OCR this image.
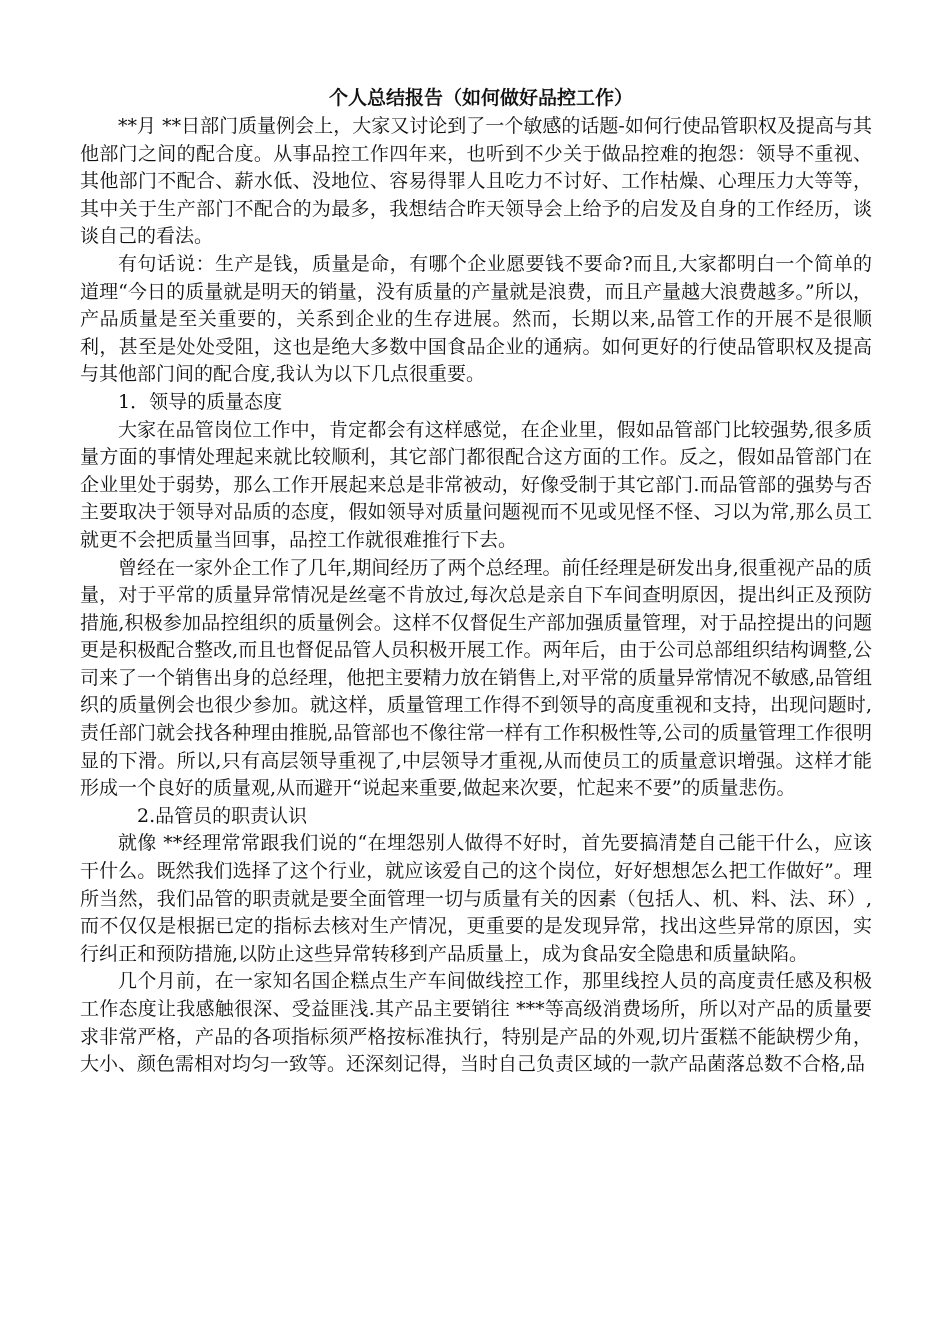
个人总结报告（如何做好品控工作）

**月 **日部门质量例会上，大家又讨论到了一个敏感的话题-如何行使品管职权及提高与其他部门之间的配合度。从事品控工作四年来，也听到不少关于做品控难的抱怨：领导不重视、其他部门不配合、薪水低、没地位、容易得罪人且吃力不讨好、工作枯燥、心理压力大等等，其中关于生产部门不配合的为最多，我想结合昨天领导会上给予的启发及自身的工作经历，谈谈自己的看法。

有句话说：生产是钱，质量是命，有哪个企业愿要钱不要命?而且,大家都明白一个简单的道理“今日的质量就是明天的销量，没有质量的产量就是浪费，而且产量越大浪费越多。”所以，产品质量是至关重要的，关系到企业的生存进展。然而，长期以来,品管工作的开展不是很顺利，甚至是处处受阻，这也是绝大多数中国食品企业的通病。如何更好的行使品管职权及提高与其他部门间的配合度,我认为以下几点很重要。

1．领导的质量态度

大家在品管岗位工作中，肯定都会有这样感觉，在企业里，假如品管部门比较强势,很多质量方面的事情处理起来就比较顺利，其它部门都很配合这方面的工作。反之，假如品管部门在企业里处于弱势，那么工作开展起来总是非常被动，好像受制于其它部门.而品管部的强势与否主要取决于领导对品质的态度，假如领导对质量问题视而不见或见怪不怪、习以为常,那么员工就更不会把质量当回事，品控工作就很难推行下去。

曾经在一家外企工作了几年,期间经历了两个总经理。前任经理是研发出身,很重视产品的质量，对于平常的质量异常情况是丝毫不肯放过,每次总是亲自下车间查明原因，提出纠正及预防措施,积极参加品控组织的质量例会。这样不仅督促生产部加强质量管理，对于品控提出的问题更是积极配合整改,而且也督促品管人员积极开展工作。两年后，由于公司总部组织结构调整,公司来了一个销售出身的总经理，他把主要精力放在销售上,对平常的质量异常情况不敏感,品管组织的质量例会也很少参加。就这样，质量管理工作得不到领导的高度重视和支持，出现问题时,责任部门就会找各种理由推脱,品管部也不像往常一样有工作积极性等,公司的质量管理工作很明显的下滑。所以,只有高层领导重视了,中层领导才重视,从而使员工的质量意识增强。这样才能形成一个良好的质量观,从而避开“说起来重要,做起来次要，忙起来不要”的质量悲伤。

2.品管员的职责认识

就像 **经理常常跟我们说的“在埋怨别人做得不好时，首先要搞清楚自己能干什么，应该干什么。既然我们选择了这个行业，就应该爱自己的这个岗位，好好想想怎么把工作做好”。理所当然，我们品管的职责就是要全面管理一切与质量有关的因素（包括人、机、料、法、环）,而不仅仅是根据已定的指标去核对生产情况，更重要的是发现异常，找出这些异常的原因，实行纠正和预防措施,以防止这些异常转移到产品质量上，成为食品安全隐患和质量缺陷。

几个月前，在一家知名国企糕点生产车间做线控工作，那里线控人员的高度责任感及积极工作态度让我感触很深、受益匪浅.其产品主要销往 ***等高级消费场所，所以对产品的质量要求非常严格，产品的各项指标须严格按标准执行，特别是产品的外观,切片蛋糕不能缺楞少角，大小、颜色需相对均匀一致等。还深刻记得，当时自己负责区域的一款产品菌落总数不合格,品
